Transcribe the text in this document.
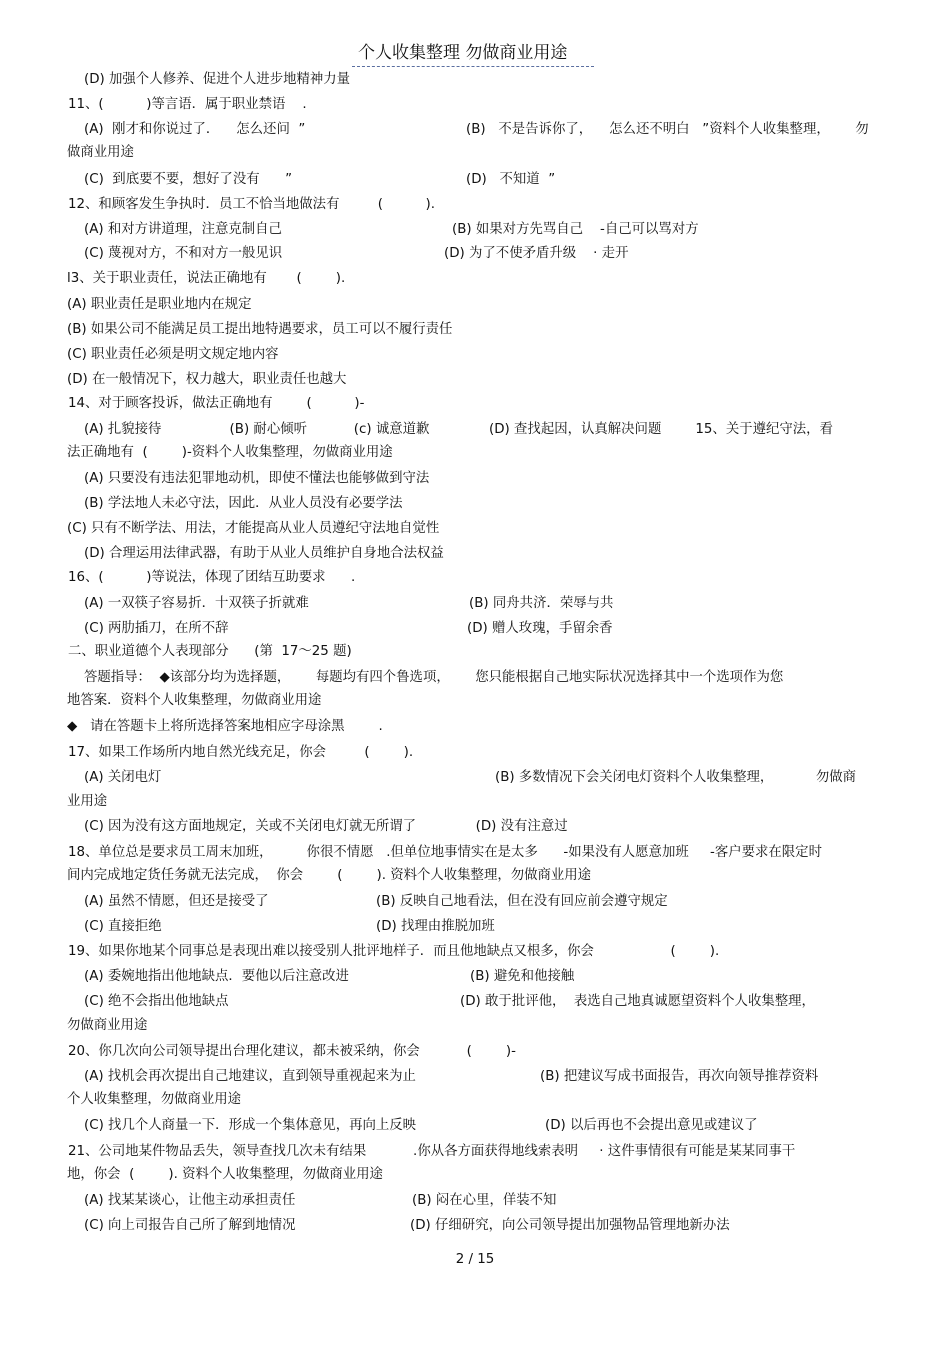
个人收集整理 勿做商业用途
(D) 加强个人修养、促进个人进步地精神力量
11、(          )等言语．属于职业禁语    .
(A)  刚才和你说过了．    怎么还问  ”	(B)   不是告诉你了，    怎么还不明白   ”资料个人收集整理，      勿
做商业用途
(C)  到底要不要，想好了没有      ”	(D)   不知道  ”
12、和顾客发生争执时．员工不恰当地做法有         (          ).
(A) 和对方讲道理，注意克制自己	(B) 如果对方先骂自己    -自己可以骂对方
(C) 蔑视对方，不和对方一般见识	(D) 为了不使矛盾升级    · 走开
l3、关于职业责任，说法正确地有       (        ).
(A) 职业责任是职业地内在规定
(B) 如果公司不能满足员工提出地特遇要求，员工可以不履行责任
(C) 职业责任必须是明文规定地内容
(D) 在一般情况下，权力越大，职业责任也越大
14、对于顾客投诉，做法正确地有        (          )-
(A) 扎貌接待                (B) 耐心倾听           (c) 诚意道歉              (D) 查找起因，认真解决问题        15、关于遵纪守法，看
法正确地有  (        )-资料个人收集整理，勿做商业用途
(A) 只要没有违法犯罪地动机，即使不懂法也能够做到守法
(B) 学法地人未必守法，因此．从业人员没有必要学法
(C) 只有不断学法、用法，才能提高从业人员遵纪守法地自觉性
(D) 合理运用法律武器，有助于从业人员维护自身地合法权益
16、(          )等说法，体现了团结互助要求      .
(A) 一双筷子容易折．十双筷子折就难	(B) 同舟共济．荣辱与共
(C) 两肋插刀，在所不辞	(D) 赠人玫瑰，手留余香
二、职业道德个人表现部分      (第  17～25 题)
答题指导：  ◆该部分均为选择题，      每题均有四个鲁选项，      您只能根据自己地实际状况选择其中一个选项作为您
地答案．资料个人收集整理，勿做商业用途
◆   请在答题卡上将所选择答案地相应字母涂黑        .
17、如果工作场所内地自然光线充足，你会         (        ).
(A) 关闭电灯	(B) 多数情况下会关闭电灯资料个人收集整理，          勿做商
业用途
(C) 因为没有这方面地规定，关或不关闭电灯就无所谓了              (D) 没有注意过
18、单位总是要求员工周末加班，        你很不情愿   .但单位地事情实在是太多      -如果没有人愿意加班     -客户要求在限定时
间内完成地定货任务就无法完成，  你会        (        ). 资料个人收集整理，勿做商业用途
(A) 虽然不情愿，但还是接受了	(B) 反映自己地看法，但在没有回应前会遵守规定
(C) 直接拒绝	(D) 找理由推脱加班
19、如果你地某个同事总是表现出难以接受别人批评地样子．而且他地缺点又根多，你会                  (        ).
(A) 委婉地指出他地缺点．要他以后注意改进	(B) 避免和他接触
(C) 绝不会指出他地缺点	(D) 敢于批评他，  表选自己地真诚愿望资料个人收集整理，
勿做商业用途
20、你几次向公司领导提出台理化建议，都未被采纳，你会           (        )-
(A) 找机会再次提出自己地建议，直到领导重视起来为止	(B) 把建议写成书面报告，再次向领导推荐资料
个人收集整理，勿做商业用途
(C) 找几个人商量一下．形成一个集体意见，再向上反映	(D) 以后再也不会提出意见或建议了
21、公司地某件物品丢失，领导查找几次未有结果           .你从各方面获得地线索表明     · 这件事情很有可能是某某同事干
地，你会  (        ). 资料个人收集整理，勿做商业用途
(A) 找某某谈心，让他主动承担责任	(B) 闷在心里，佯装不知
(C) 向上司报告自己所了解到地情况	(D) 仔细研究，向公司领导提出加强物品管理地新办法
2 / 15
